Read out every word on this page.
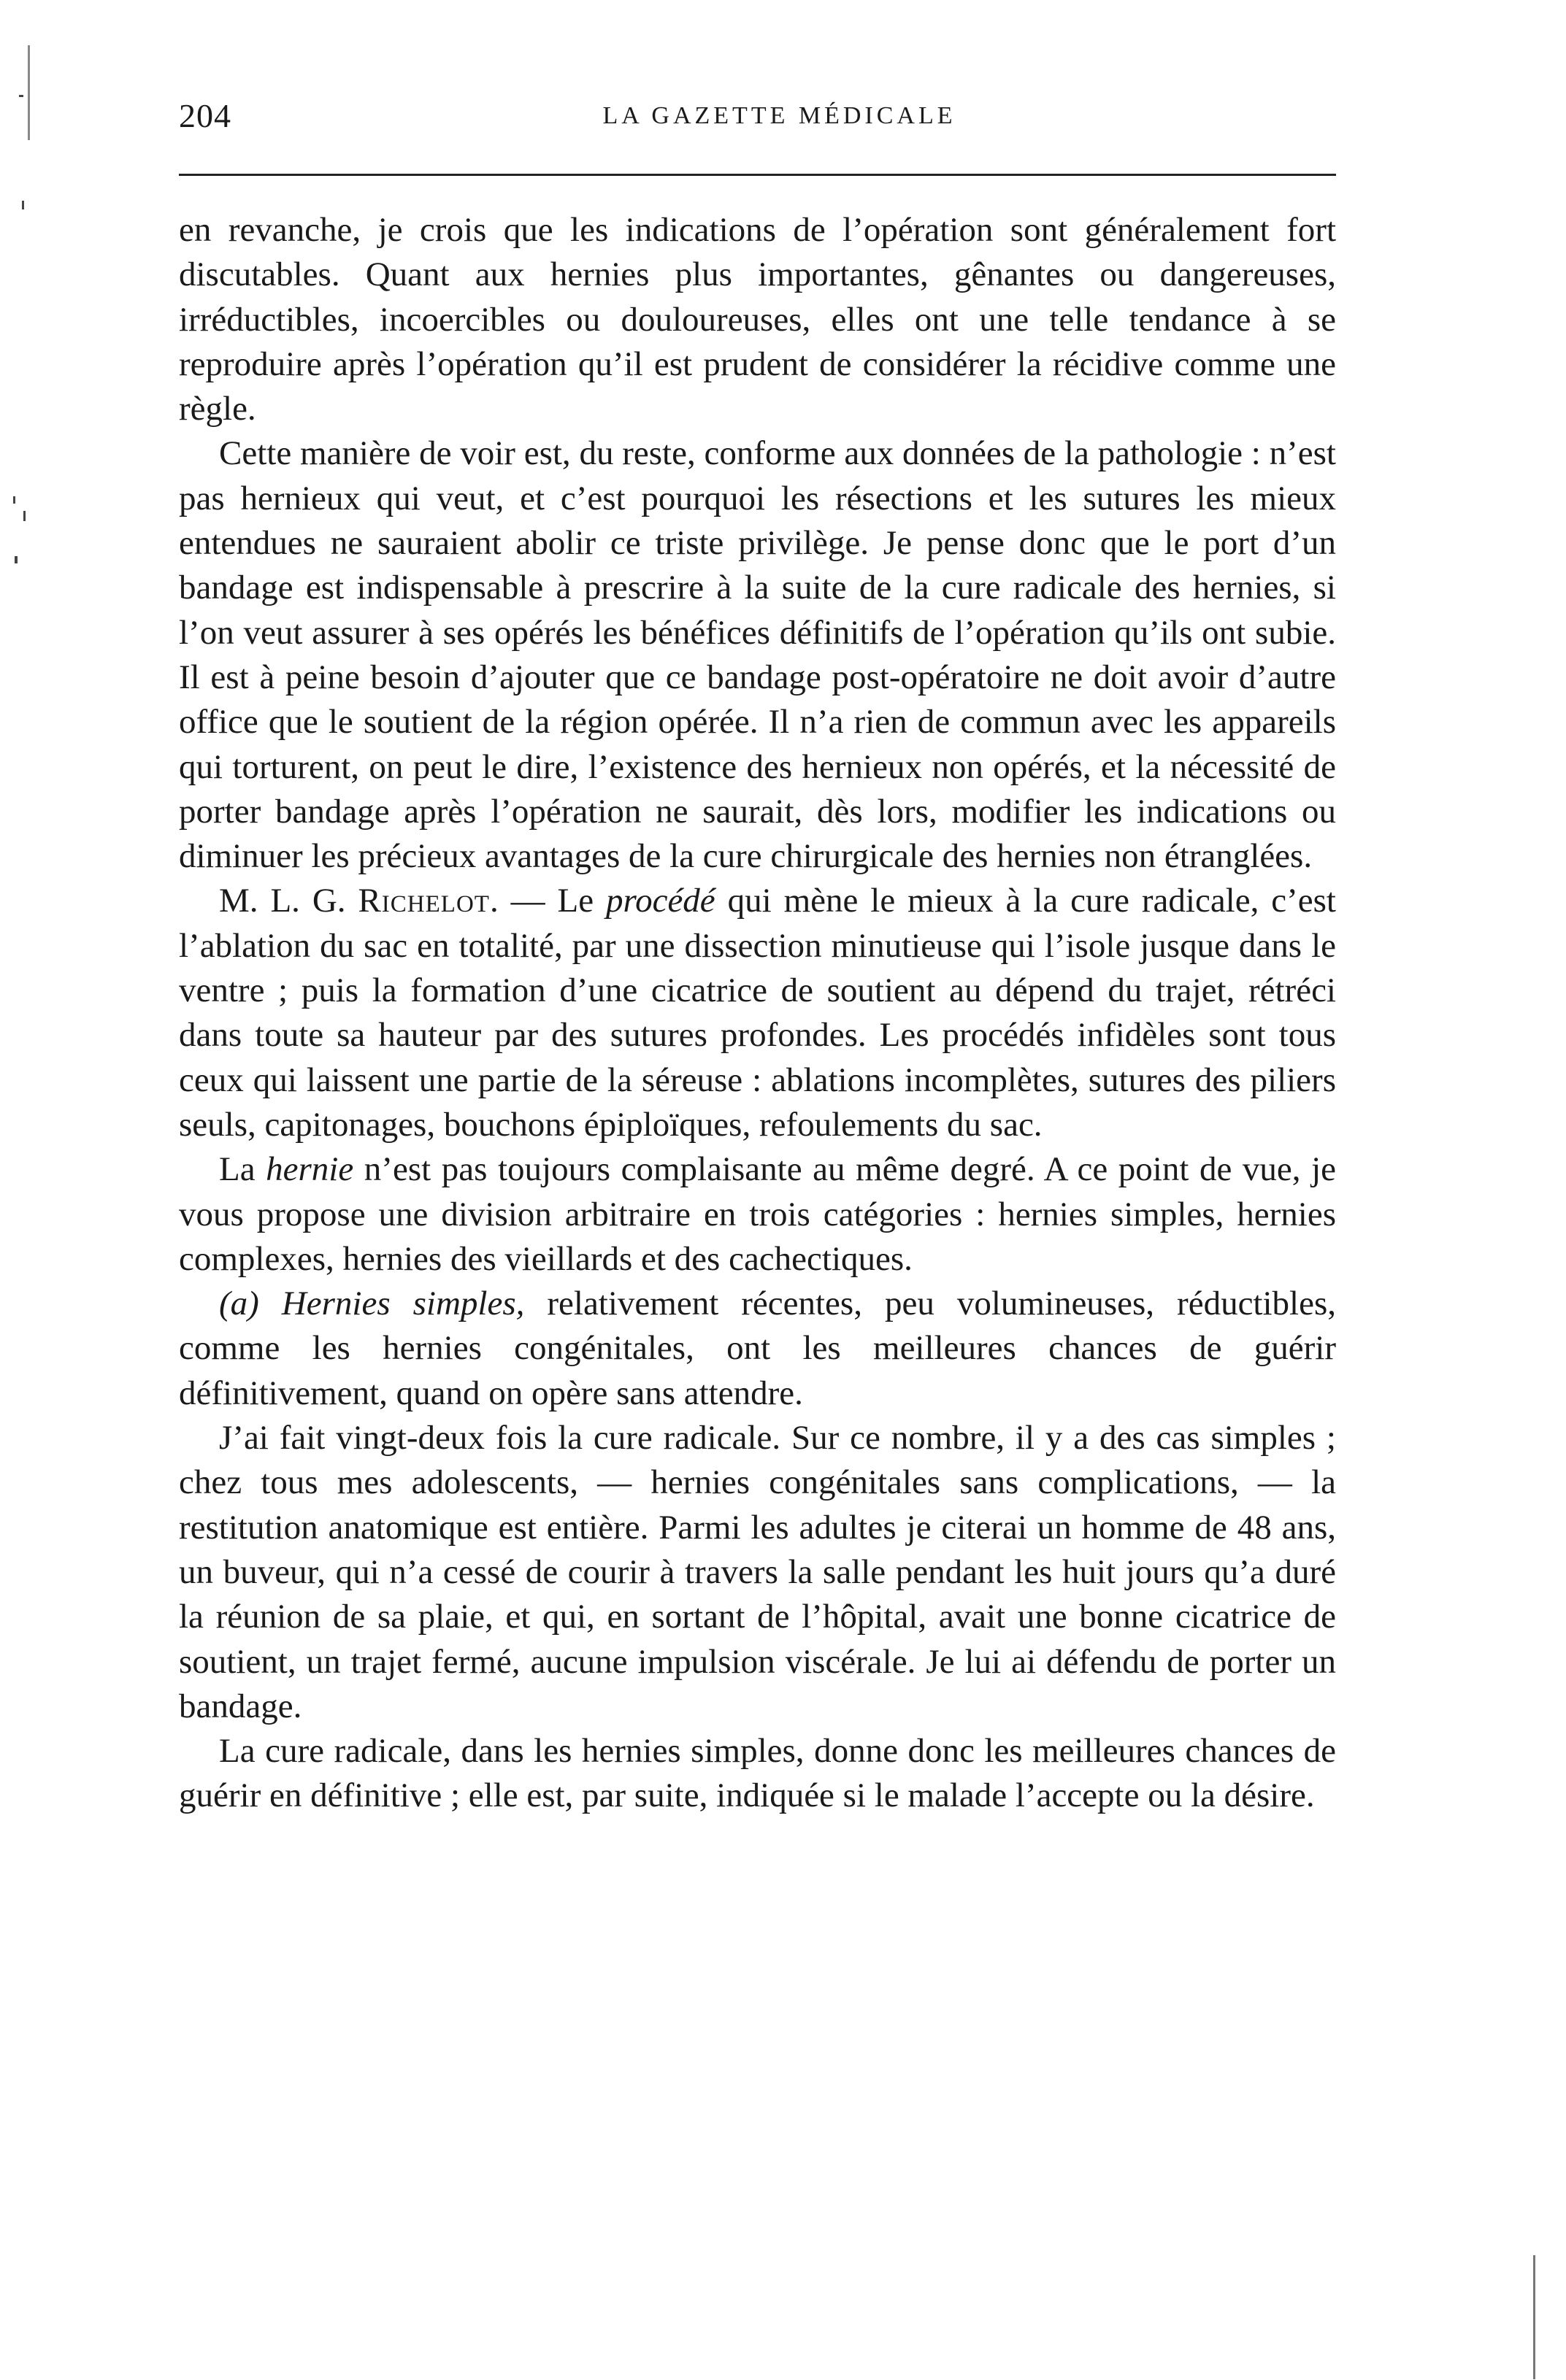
204	LA GAZETTE MÉDICALE

en revanche, je crois que les indications de l’opération sont généralement fort discutables. Quant aux hernies plus importantes, gênantes ou dangereuses, irréductibles, incoercibles ou douloureuses, elles ont une telle tendance à se reproduire après l’opération qu’il est prudent de considérer la récidive comme une règle.

Cette manière de voir est, du reste, conforme aux données de la pathologie : n’est pas hernieux qui veut, et c’est pourquoi les résections et les sutures les mieux entendues ne sauraient abolir ce triste privilège. Je pense donc que le port d’un bandage est indispensable à prescrire à la suite de la cure radicale des hernies, si l’on veut assurer à ses opérés les bénéfices définitifs de l’opération qu’ils ont subie. Il est à peine besoin d’ajouter que ce bandage post-opératoire ne doit avoir d’autre office que le soutient de la région opérée. Il n’a rien de commun avec les appareils qui torturent, on peut le dire, l’existence des hernieux non opérés, et la nécessité de porter bandage après l’opération ne saurait, dès lors, modifier les indications ou diminuer les précieux avantages de la cure chirurgicale des hernies non étranglées.

M. L. G. Richelot. — Le procédé qui mène le mieux à la cure radicale, c’est l’ablation du sac en totalité, par une dissection minutieuse qui l’isole jusque dans le ventre ; puis la formation d’une cicatrice de soutient au dépend du trajet, rétréci dans toute sa hauteur par des sutures profondes. Les procédés infidèles sont tous ceux qui laissent une partie de la séreuse : ablations incomplètes, sutures des piliers seuls, capitonages, bouchons épiploïques, refoulements du sac.

La hernie n’est pas toujours complaisante au même degré. A ce point de vue, je vous propose une division arbitraire en trois catégories : hernies simples, hernies complexes, hernies des vieillards et des cachectiques.

(a) Hernies simples, relativement récentes, peu volumineuses, réductibles, comme les hernies congénitales, ont les meilleures chances de guérir définitivement, quand on opère sans attendre.

J’ai fait vingt-deux fois la cure radicale. Sur ce nombre, il y a des cas simples ; chez tous mes adolescents, — hernies congénitales sans complications, — la restitution anatomique est entière. Parmi les adultes je citerai un homme de 48 ans, un buveur, qui n’a cessé de courir à travers la salle pendant les huit jours qu’a duré la réunion de sa plaie, et qui, en sortant de l’hôpital, avait une bonne cicatrice de soutient, un trajet fermé, aucune impulsion viscérale. Je lui ai défendu de porter un bandage.

La cure radicale, dans les hernies simples, donne donc les meilleures chances de guérir en définitive ; elle est, par suite, indiquée si le malade l’accepte ou la désire.
